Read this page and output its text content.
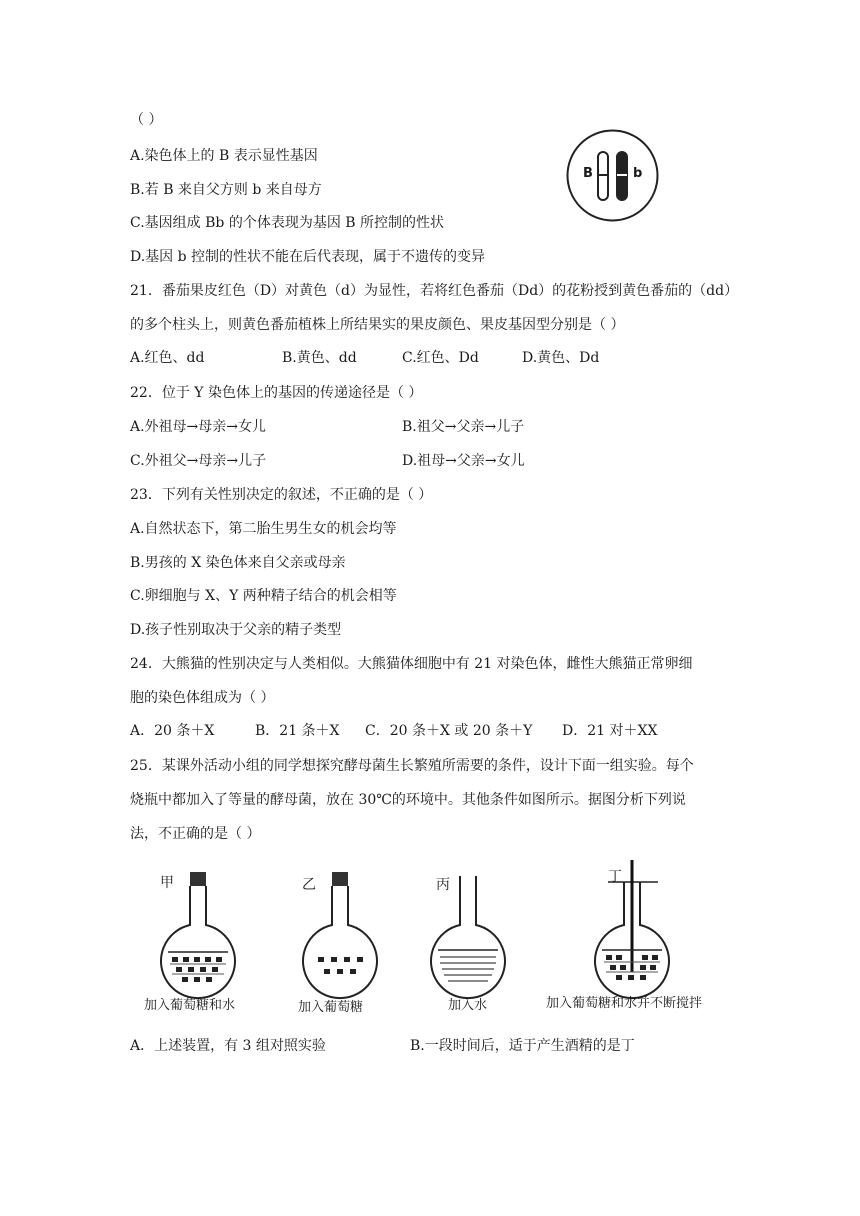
（ ）
A.染色体上的 B 表示显性基因
B.若 B 来自父方则 b 来自母方
C.基因组成 Bb 的个体表现为基因 B 所控制的性状
D.基因 b 控制的性状不能在后代表现，属于不遗传的变异
B	b
21．番茄果皮红色（D）对黄色（d）为显性，若将红色番茄（Dd）的花粉授到黄色番茄的（dd）
的多个柱头上，则黄色番茄植株上所结果实的果皮颜色、果皮基因型分别是（ ）
A.红色、dd	B.黄色、dd	C.红色、Dd	D.黄色、Dd
22．位于 Y 染色体上的基因的传递途径是（ ）
A.外祖母→母亲→女儿	B.祖父→父亲→儿子
C.外祖父→母亲→儿子	D.祖母→父亲→女儿
23．下列有关性别决定的叙述，不正确的是（ ）
A.自然状态下，第二胎生男生女的机会均等
B.男孩的 X 染色体来自父亲或母亲
C.卵细胞与 X、Y 两种精子结合的机会相等
D.孩子性别取决于父亲的精子类型
24．大熊猫的性别决定与人类相似。大熊猫体细胞中有 21 对染色体，雌性大熊猫正常卵细
胞的染色体组成为（ ）
A．20 条＋X	B．21 条＋X C．20 条＋X 或 20 条＋Y D．21 对＋XX
25．某课外活动小组的同学想探究酵母菌生长繁殖所需要的条件，设计下面一组实验。每个
烧瓶中都加入了等量的酵母菌，放在 30℃的环境中。其他条件如图所示。据图分析下列说
法，不正确的是（ ）
甲	乙	丙	丁
加入葡萄糖和水	加入葡萄糖	加入水	加入葡萄糖和水并不断搅拌
A．上述装置，有 3 组对照实验	B.一段时间后，适于产生酒精的是丁
